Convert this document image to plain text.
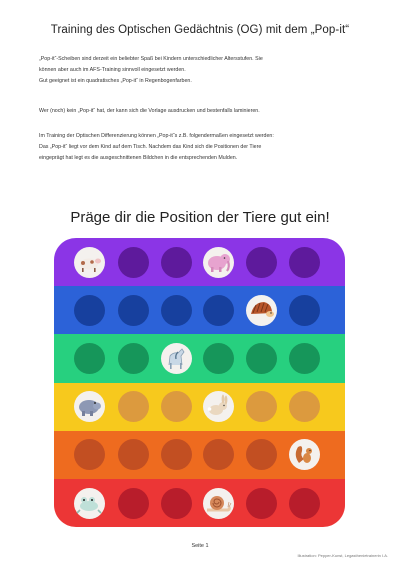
Training des Optischen Gedächtnis (OG) mit dem „Pop-it“
„Pop-it“-Scheiben sind derzeit ein beliebter Spaß bei Kindern unterschiedlicher Altersstufen. Sie
können aber auch im AFS-Training sinnvoll eingesetzt werden.
Gut geeignet ist ein quadratisches „Pop-it“ in Regenbogenfarben.
Wer (noch) kein „Pop-it“ hat, der kann sich die Vorlage ausdrucken und bestenfalls laminieren.
Im Training der Optischen Differenzierung können „Pop-it“s z.B. folgendermaßen eingesetzt werden:
Das „Pop-it“ liegt vor dem Kind auf dem Tisch. Nachdem das Kind sich die Positionen der Tiere
eingeprägt hat legt es die ausgeschnittenen Bildchen in die entsprechenden Mulden.
Präge dir die Position der Tiere gut ein!
Seite 1
Illustration: Pepper-Kunst, Legasthenietrainerin I.A.
